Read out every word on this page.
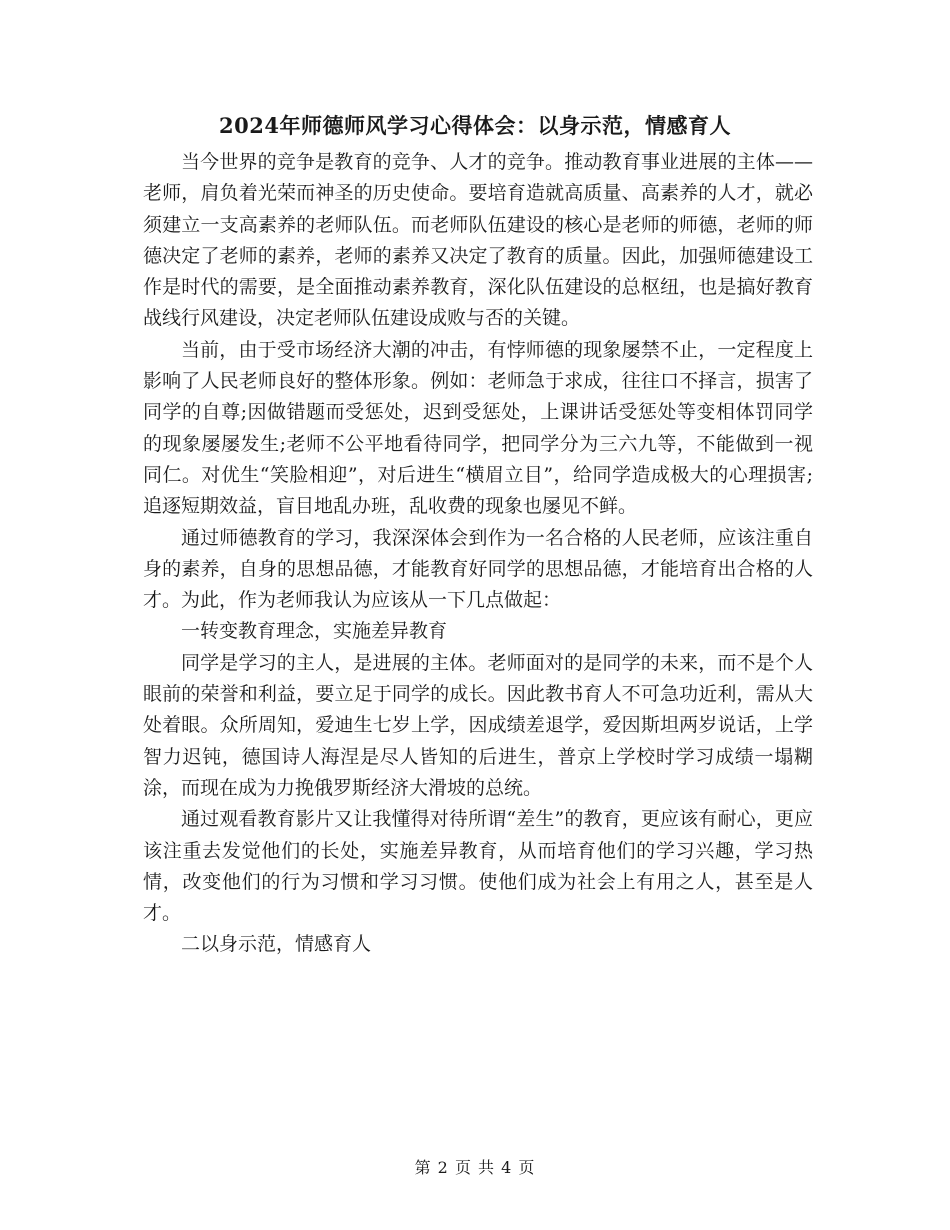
2024年师德师风学习心得体会：以身示范，情感育人

当今世界的竞争是教育的竞争、人才的竞争。推动教育事业进展的主体——老师，肩负着光荣而神圣的历史使命。要培育造就高质量、高素养的人才，就必须建立一支高素养的老师队伍。而老师队伍建设的核心是老师的师德，老师的师德决定了老师的素养，老师的素养又决定了教育的质量。因此，加强师德建设工作是时代的需要，是全面推动素养教育，深化队伍建设的总枢纽，也是搞好教育战线行风建设，决定老师队伍建设成败与否的关键。

当前，由于受市场经济大潮的冲击，有悖师德的现象屡禁不止，一定程度上影响了人民老师良好的整体形象。例如：老师急于求成，往往口不择言，损害了同学的自尊;因做错题而受惩处，迟到受惩处，上课讲话受惩处等变相体罚同学的现象屡屡发生;老师不公平地看待同学，把同学分为三六九等，不能做到一视同仁。对优生“笑脸相迎”，对后进生“横眉立目”，给同学造成极大的心理损害;追逐短期效益，盲目地乱办班，乱收费的现象也屡见不鲜。

通过师德教育的学习，我深深体会到作为一名合格的人民老师，应该注重自身的素养，自身的思想品德，才能教育好同学的思想品德，才能培育出合格的人才。为此，作为老师我认为应该从一下几点做起：

一转变教育理念，实施差异教育

同学是学习的主人，是进展的主体。老师面对的是同学的未来，而不是个人眼前的荣誉和利益，要立足于同学的成长。因此教书育人不可急功近利，需从大处着眼。众所周知，爱迪生七岁上学，因成绩差退学，爱因斯坦两岁说话，上学智力迟钝，德国诗人海涅是尽人皆知的后进生，普京上学校时学习成绩一塌糊涂，而现在成为力挽俄罗斯经济大滑坡的总统。

通过观看教育影片又让我懂得对待所谓“差生”的教育，更应该有耐心，更应该注重去发觉他们的长处，实施差异教育，从而培育他们的学习兴趣，学习热情，改变他们的行为习惯和学习习惯。使他们成为社会上有用之人，甚至是人才。

二以身示范，情感育人

第 2 页 共 4 页
